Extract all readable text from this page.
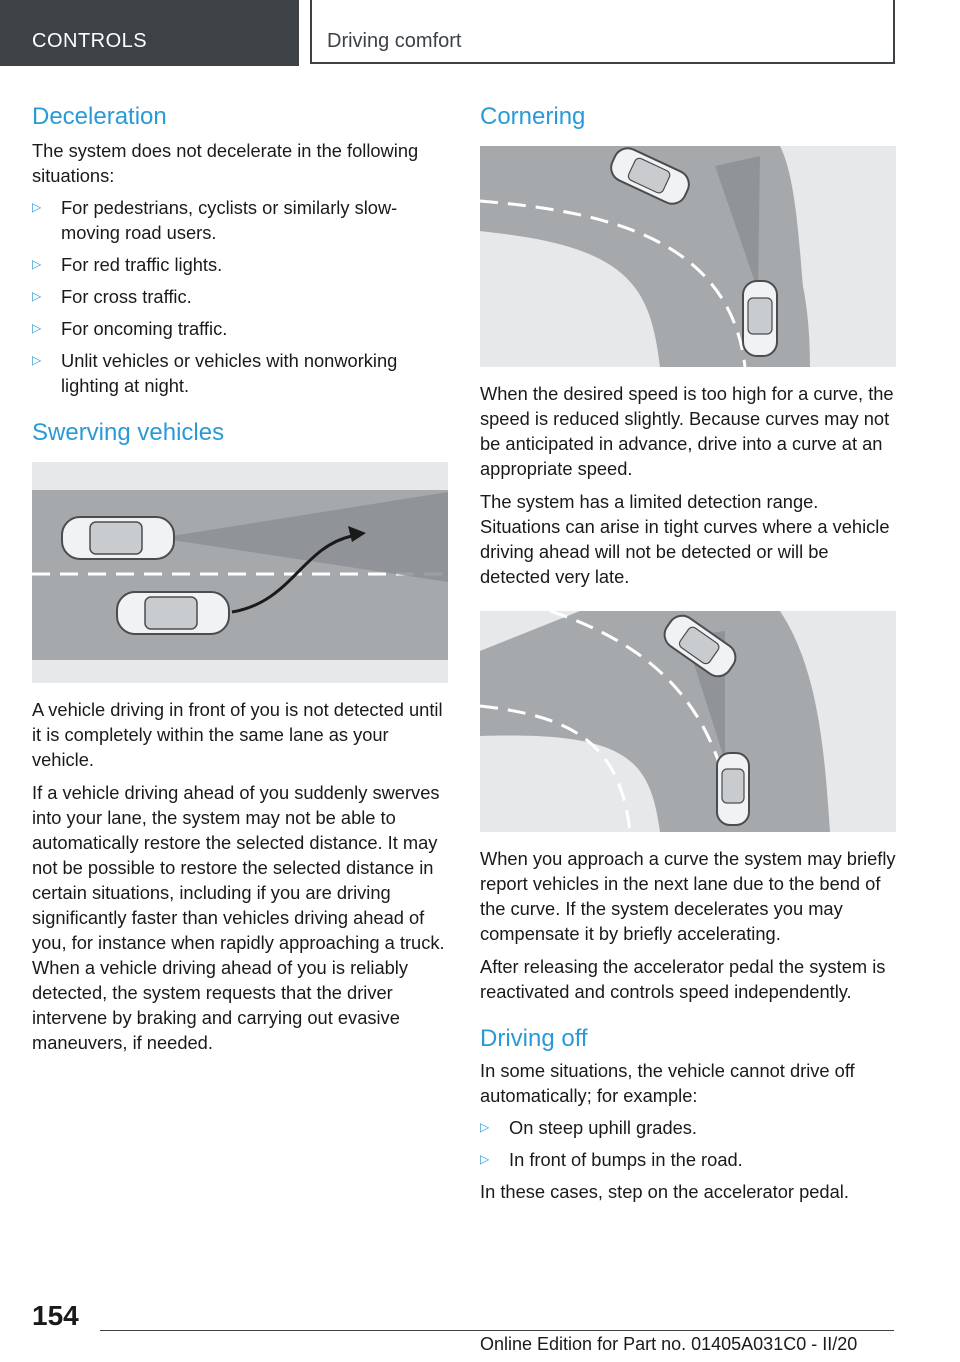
CONTROLS	Driving comfort
Deceleration

The system does not decelerate in the following situations:

▷ For pedestrians, cyclists or similarly slow-moving road users.
▷ For red traffic lights.
▷ For cross traffic.
▷ For oncoming traffic.
▷ Unlit vehicles or vehicles with nonworking lighting at night.
Swerving vehicles

A vehicle driving in front of you is not detected until it is completely within the same lane as your vehicle.

If a vehicle driving ahead of you suddenly swerves into your lane, the system may not be able to automatically restore the selected distance. It may not be possible to restore the selected distance in certain situations, including if you are driving significantly faster than vehicles driving ahead of you, for instance when rapidly approaching a truck. When a vehicle driving ahead of you is reliably detected, the system requests that the driver intervene by braking and carrying out evasive maneuvers, if needed.

Cornering

When the desired speed is too high for a curve, the speed is reduced slightly. Because curves may not be anticipated in advance, drive into a curve at an appropriate speed.

The system has a limited detection range. Situations can arise in tight curves where a vehicle driving ahead will not be detected or will be detected very late.

When you approach a curve the system may briefly report vehicles in the next lane due to the bend of the curve. If the system decelerates you may compensate it by briefly accelerating.

After releasing the accelerator pedal the system is reactivated and controls speed independently.

Driving off

In some situations, the vehicle cannot drive off automatically; for example:

▷ On steep uphill grades.
▷ In front of bumps in the road.

In these cases, step on the accelerator pedal.

154
Online Edition for Part no. 01405A031C0 - II/20
